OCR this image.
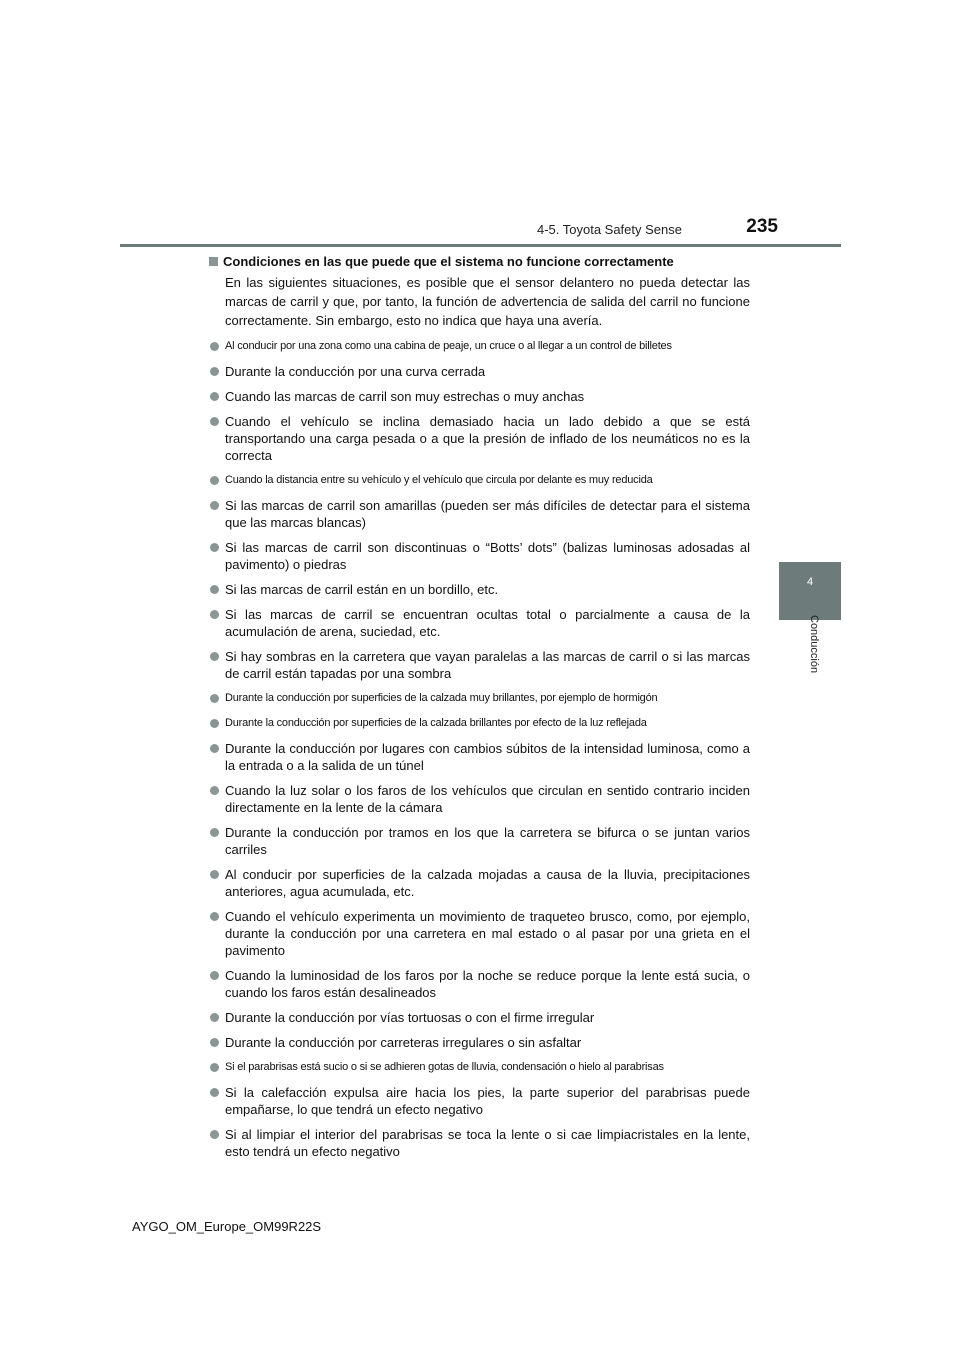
4-5. Toyota Safety Sense	235
4
Conducción
Condiciones en las que puede que el sistema no funcione correctamente

En las siguientes situaciones, es posible que el sensor delantero no pueda detectar las marcas de carril y que, por tanto, la función de advertencia de salida del carril no funcione correctamente. Sin embargo, esto no indica que haya una avería.

Al conducir por una zona como una cabina de peaje, un cruce o al llegar a un control de billetes
Durante la conducción por una curva cerrada
Cuando las marcas de carril son muy estrechas o muy anchas
Cuando el vehículo se inclina demasiado hacia un lado debido a que se está transportando una carga pesada o a que la presión de inflado de los neumáticos no es la correcta
Cuando la distancia entre su vehículo y el vehículo que circula por delante es muy reducida
Si las marcas de carril son amarillas (pueden ser más difíciles de detectar para el sistema que las marcas blancas)
Si las marcas de carril son discontinuas o “Botts’ dots” (balizas luminosas adosadas al pavimento) o piedras
Si las marcas de carril están en un bordillo, etc.
Si las marcas de carril se encuentran ocultas total o parcialmente a causa de la acumulación de arena, suciedad, etc.
Si hay sombras en la carretera que vayan paralelas a las marcas de carril o si las marcas de carril están tapadas por una sombra
Durante la conducción por superficies de la calzada muy brillantes, por ejemplo de hormigón
Durante la conducción por superficies de la calzada brillantes por efecto de la luz reflejada
Durante la conducción por lugares con cambios súbitos de la intensidad luminosa, como a la entrada o a la salida de un túnel
Cuando la luz solar o los faros de los vehículos que circulan en sentido contrario inciden directamente en la lente de la cámara
Durante la conducción por tramos en los que la carretera se bifurca o se juntan varios carriles
Al conducir por superficies de la calzada mojadas a causa de la lluvia, precipitaciones anteriores, agua acumulada, etc.
Cuando el vehículo experimenta un movimiento de traqueteo brusco, como, por ejemplo, durante la conducción por una carretera en mal estado o al pasar por una grieta en el pavimento
Cuando la luminosidad de los faros por la noche se reduce porque la lente está sucia, o cuando los faros están desalineados
Durante la conducción por vías tortuosas o con el firme irregular
Durante la conducción por carreteras irregulares o sin asfaltar
Si el parabrisas está sucio o si se adhieren gotas de lluvia, condensación o hielo al parabrisas
Si la calefacción expulsa aire hacia los pies, la parte superior del parabrisas puede empañarse, lo que tendrá un efecto negativo
Si al limpiar el interior del parabrisas se toca la lente o si cae limpiacristales en la lente, esto tendrá un efecto negativo
AYGO_OM_Europe_OM99R22S
